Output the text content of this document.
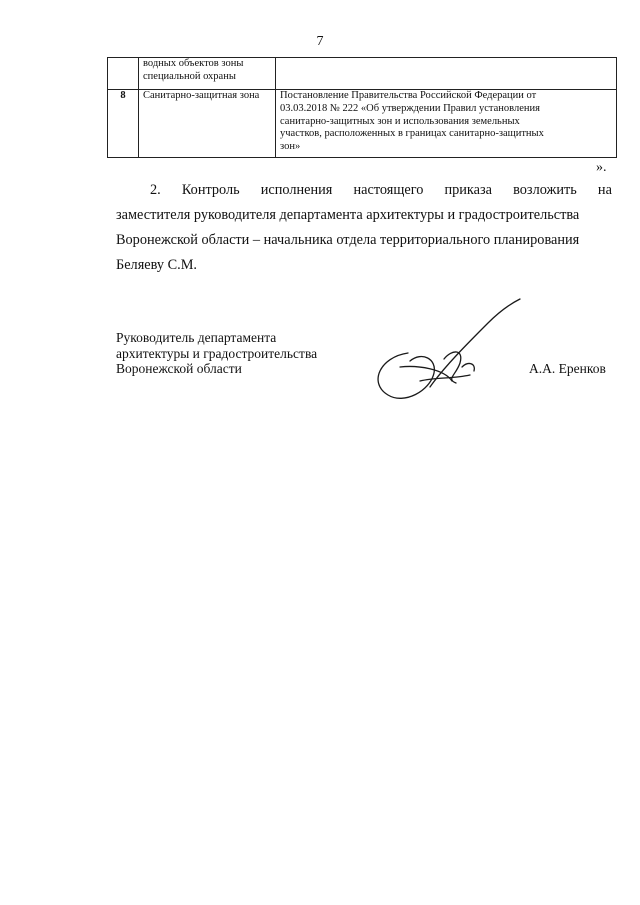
7

	водных объектов зоны
специальной охраны	

8	Санитарно-защитная зона	Постановление Правительства Российской Федерации от
03.03.2018 № 222 «Об утверждении Правил установления
санитарно-защитных зон и использования земельных
участков, расположенных в границах санитарно-защитных
зон»
».
2. Контроль исполнения настоящего приказа возложить на
заместителя руководителя департамента архитектуры и градостроительства
Воронежской области – начальника отдела территориального планирования
Беляеву С.М.
Руководитель департамента
архитектуры и градостроительства
Воронежской области	А.А. Еренков
